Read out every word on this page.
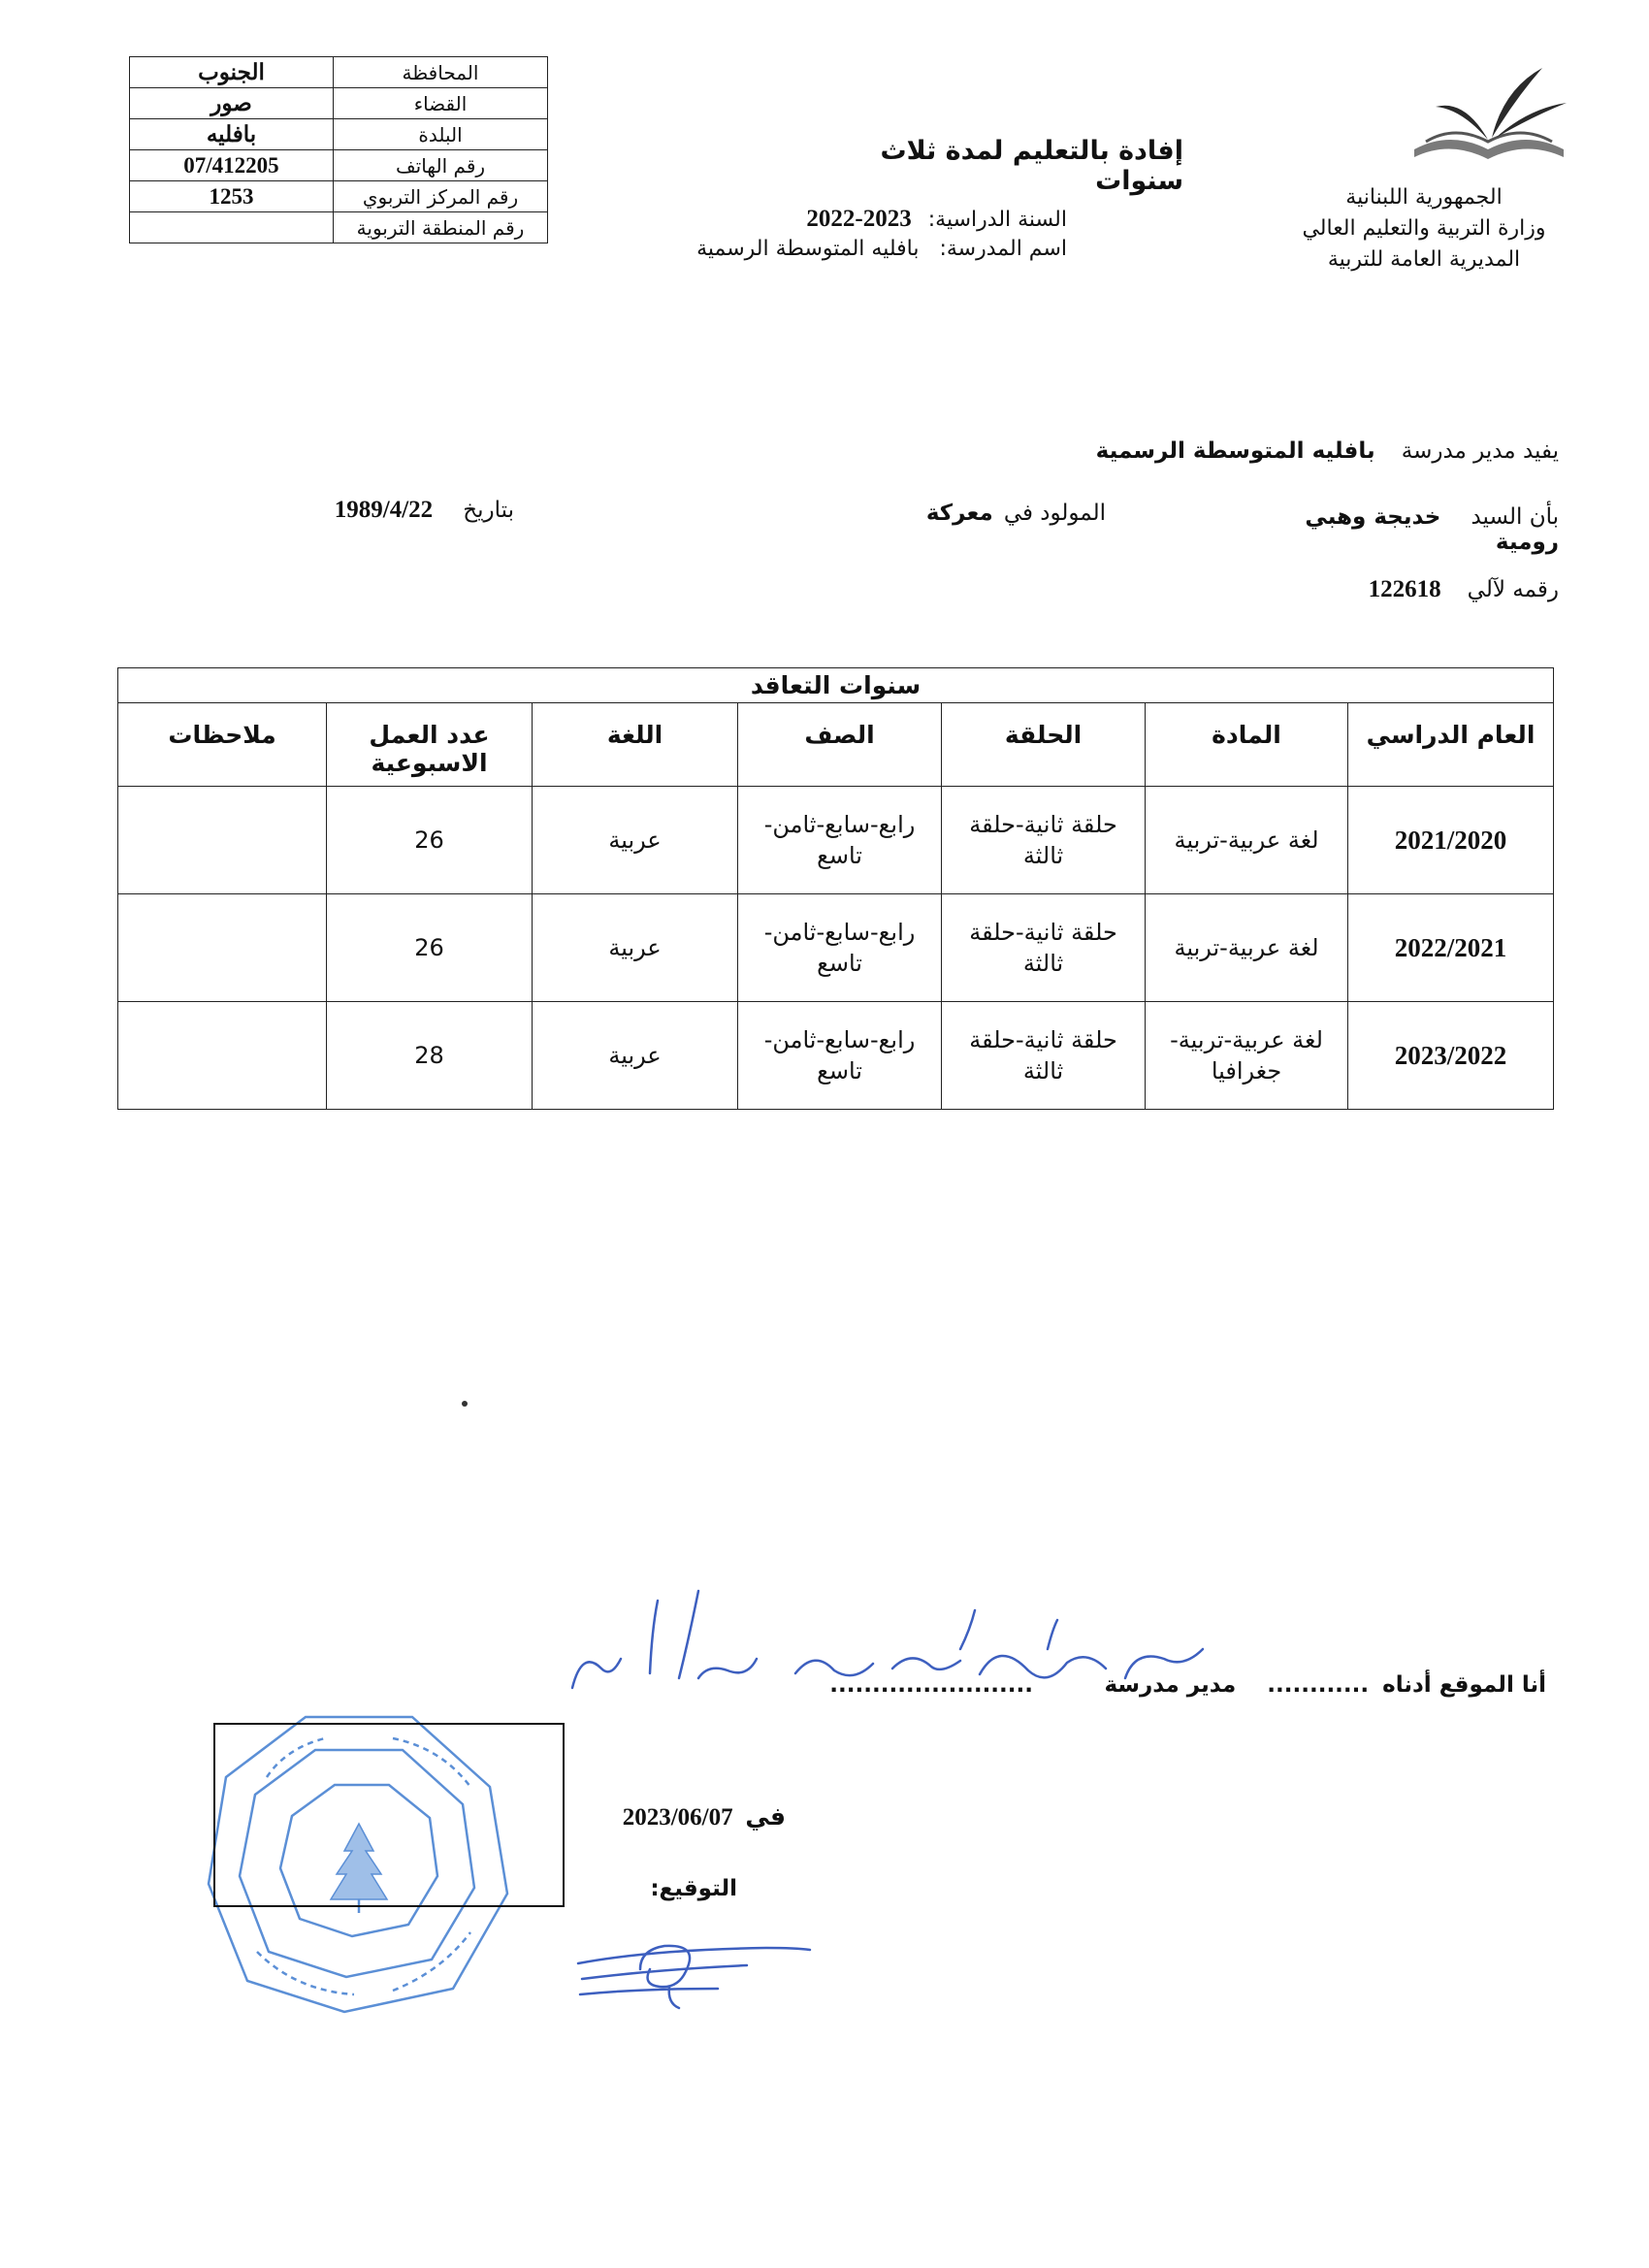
الجمهورية اللبنانية
وزارة التربية والتعليم العالي
المديرية العامة للتربية
إفادة بالتعليم لمدة ثلاث سنوات
السنة الدراسية: 2023-2022
اسم المدرسة: بافليه المتوسطة الرسمية
المحافظة	الجنوب
القضاء	صور
البلدة	بافليه
رقم الهاتف	07/412205
رقم المركز التربوي	1253
رقم المنطقة التربوية	
يفيد مدير مدرسة بافليه المتوسطة الرسمية
بأن السيد خديجة وهبي رومية
المولود في معركة
بتاريخ 1989/4/22
رقمه لآلي 122618
سنوات التعاقد						
العام الدراسي	المادة	الحلقة	الصف	اللغة	عدد العمل الاسبوعية	ملاحظات
2021/2020	لغة عربية-تربية	حلقة ثانية-حلقة ثالثة	رابع-سابع-ثامن-تاسع	عربية	26	
2022/2021	لغة عربية-تربية	حلقة ثانية-حلقة ثالثة	رابع-سابع-ثامن-تاسع	عربية	26	
2023/2022	لغة عربية-تربية-جغرافيا	حلقة ثانية-حلقة ثالثة	رابع-سابع-ثامن-تاسع	عربية	28	
أنا الموقع أدناه ............ مدير مدرسة
........................
في 2023/06/07
التوقيع:
